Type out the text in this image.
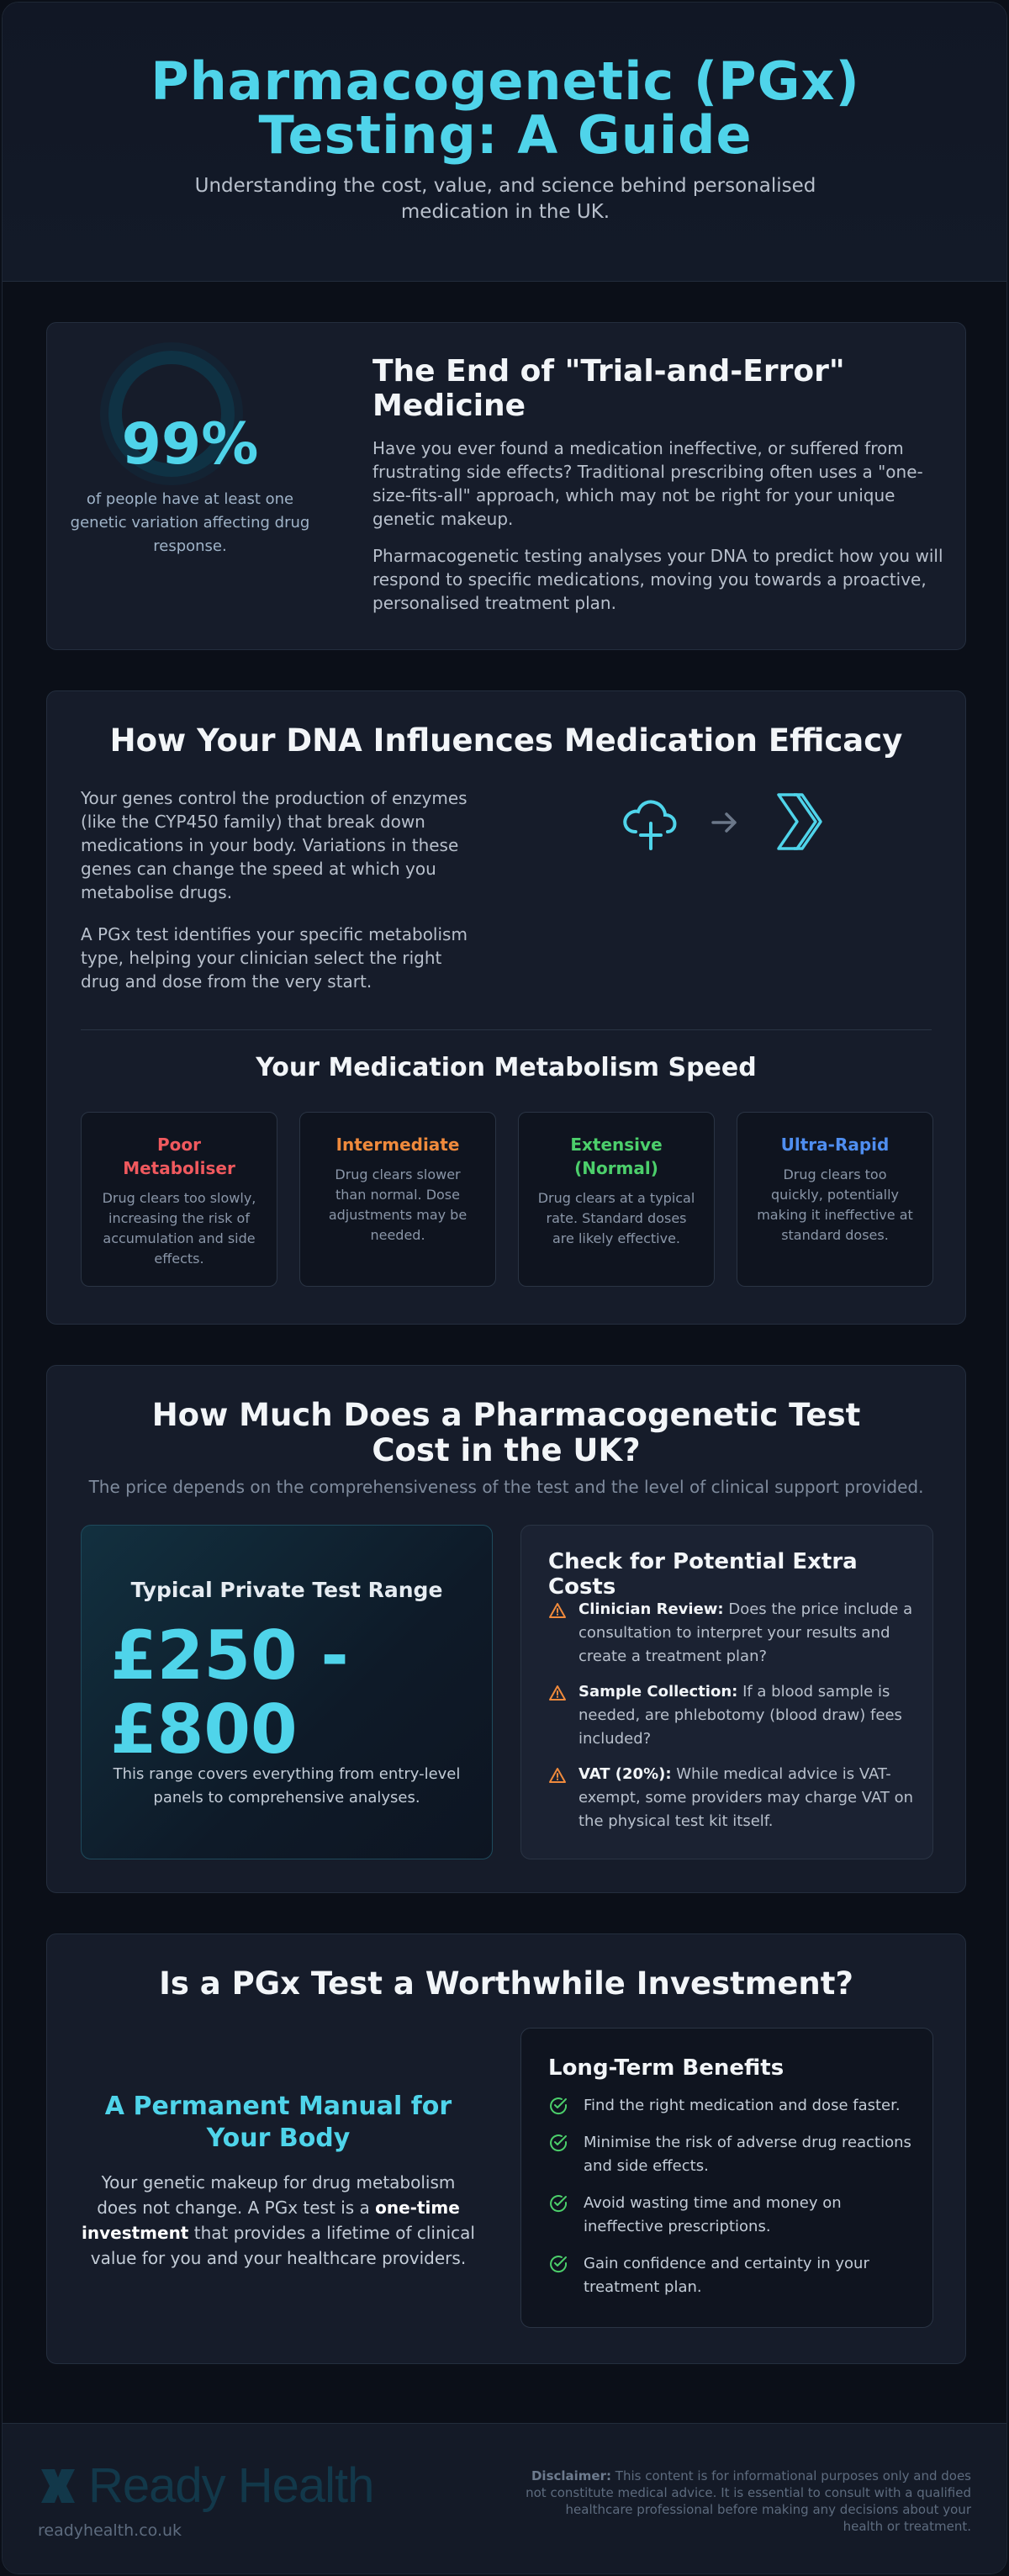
Pharmacogenetic (PGx)
Testing: A Guide
Understanding the cost, value, and science behind personalised medication in the UK.
99%
of people have at least one genetic variation affecting drug response.
The End of "Trial-and-Error" Medicine
Have you ever found a medication ineffective, or suffered from frustrating side effects? Traditional prescribing often uses a "one-size-fits-all" approach, which may not be right for your unique genetic makeup.
Pharmacogenetic testing analyses your DNA to predict how you will respond to specific medications, moving you towards a proactive, personalised treatment plan.
How Your DNA Influences Medication Efficacy
Your genes control the production of enzymes (like the CYP450 family) that break down medications in your body. Variations in these genes can change the speed at which you metabolise drugs.
A PGx test identifies your specific metabolism type, helping your clinician select the right drug and dose from the very start.
Your Medication Metabolism Speed
Poor Metaboliser
Drug clears too slowly, increasing the risk of accumulation and side effects.
Intermediate
Drug clears slower than normal. Dose adjustments may be needed.
Extensive (Normal)
Drug clears at a typical rate. Standard doses are likely effective.
Ultra-Rapid
Drug clears too quickly, potentially making it ineffective at standard doses.
How Much Does a Pharmacogenetic Test Cost in the UK?
The price depends on the comprehensiveness of the test and the level of clinical support provided.
Typical Private Test Range
£250 -
£800
This range covers everything from entry-level panels to comprehensive analyses.
Check for Potential Extra Costs
Clinician Review: Does the price include a consultation to interpret your results and create a treatment plan?
Sample Collection: If a blood sample is needed, are phlebotomy (blood draw) fees included?
VAT (20%): While medical advice is VAT-exempt, some providers may charge VAT on the physical test kit itself.
Is a PGx Test a Worthwhile Investment?
A Permanent Manual for Your Body
Your genetic makeup for drug metabolism does not change. A PGx test is a one-time investment that provides a lifetime of clinical value for you and your healthcare providers.
Long-Term Benefits
Find the right medication and dose faster.
Minimise the risk of adverse drug reactions and side effects.
Avoid wasting time and money on ineffective prescriptions.
Gain confidence and certainty in your treatment plan.
Ready Health
readyhealth.co.uk
Disclaimer: This content is for informational purposes only and does not constitute medical advice. It is essential to consult with a qualified healthcare professional before making any decisions about your health or treatment.
